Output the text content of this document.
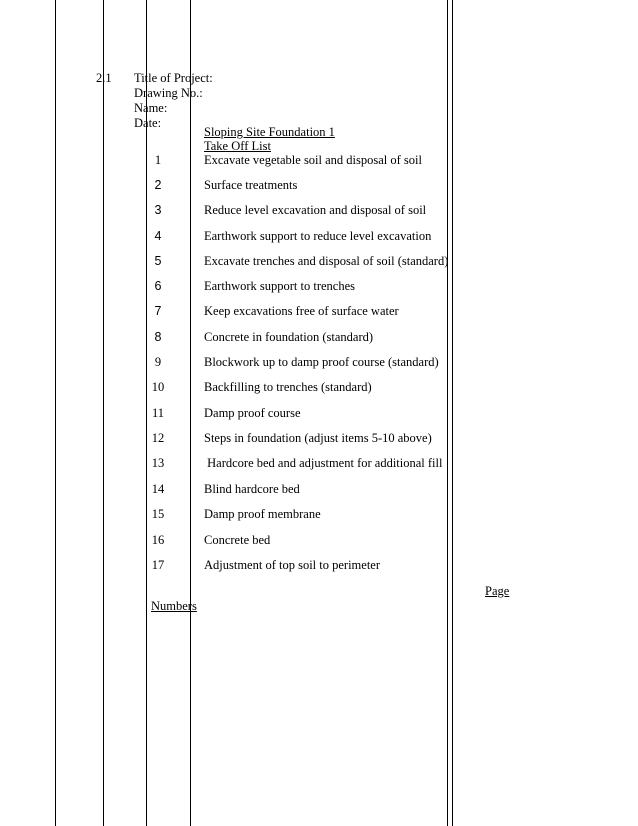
2.1 Title of Project:
Drawing No.:
Name:
Date:
Sloping Site Foundation 1
Take Off List
1	Excavate vegetable soil and disposal of soil
2	Surface treatments
3	Reduce level excavation and disposal of soil
4	Earthwork support to reduce level excavation
5	Excavate trenches and disposal of soil (standard)
6	Earthwork support to trenches
7	Keep excavations free of surface water
8	Concrete in foundation (standard)
9	Blockwork up to damp proof course (standard)
10	Backfilling to trenches (standard)
11	Damp proof course
12	Steps in foundation (adjust items 5-10 above)
13	Hardcore bed and adjustment for additional fill
14	Blind hardcore bed
15	Damp proof membrane
16	Concrete bed
17	Adjustment of top soil to perimeter
Page
Numbers
